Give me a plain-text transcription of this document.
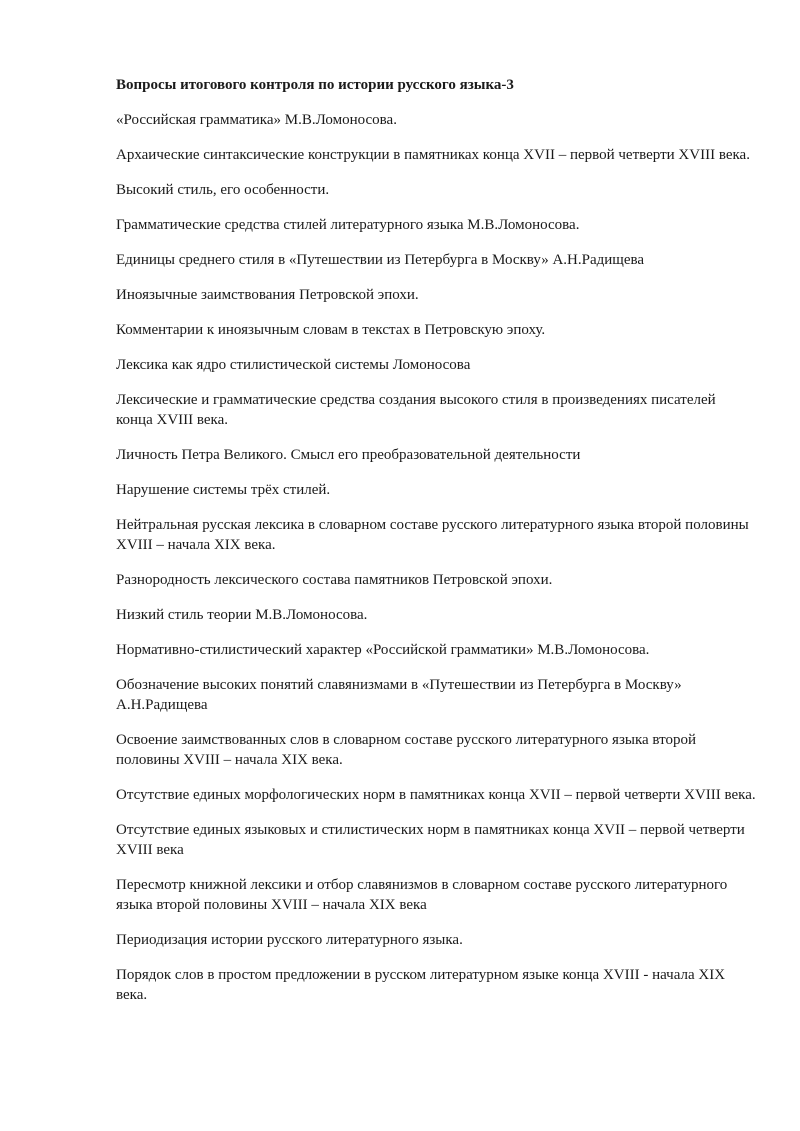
Вопросы итогового контроля по истории русского языка-3
«Российская грамматика» М.В.Ломоносова.
Архаические синтаксические конструкции в памятниках конца XVII – первой четверти XVIII века.
Высокий стиль, его особенности.
Грамматические средства стилей литературного языка М.В.Ломоносова.
Единицы среднего стиля в «Путешествии из Петербурга в Москву» А.Н.Радищева
Иноязычные заимствования Петровской эпохи.
Комментарии к иноязычным словам в текстах в Петровскую эпоху.
Лексика как ядро стилистической системы Ломоносова
Лексические и грамматические средства создания высокого стиля в произведениях писателей конца XVIII века.
Личность Петра Великого. Смысл его преобразовательной деятельности
Нарушение системы трёх стилей.
Нейтральная русская лексика в словарном составе русского литературного языка второй половины XVIII – начала XIX века.
Разнородность лексического состава памятников Петровской эпохи.
Низкий стиль теории М.В.Ломоносова.
Нормативно-стилистический характер «Российской грамматики» М.В.Ломоносова.
Обозначение высоких понятий славянизмами в «Путешествии из Петербурга в Москву» А.Н.Радищева
Освоение заимствованных слов в словарном составе русского литературного языка второй половины XVIII – начала XIX века.
Отсутствие единых морфологических норм в памятниках конца XVII – первой четверти XVIII века.
Отсутствие единых языковых и стилистических норм в памятниках конца XVII – первой четверти XVIII века
Пересмотр книжной лексики и отбор славянизмов в словарном составе русского литературного языка второй половины XVIII – начала XIX века
Периодизация истории русского литературного языка.
Порядок слов в простом предложении в русском литературном языке конца XVIII - начала XIX века.
